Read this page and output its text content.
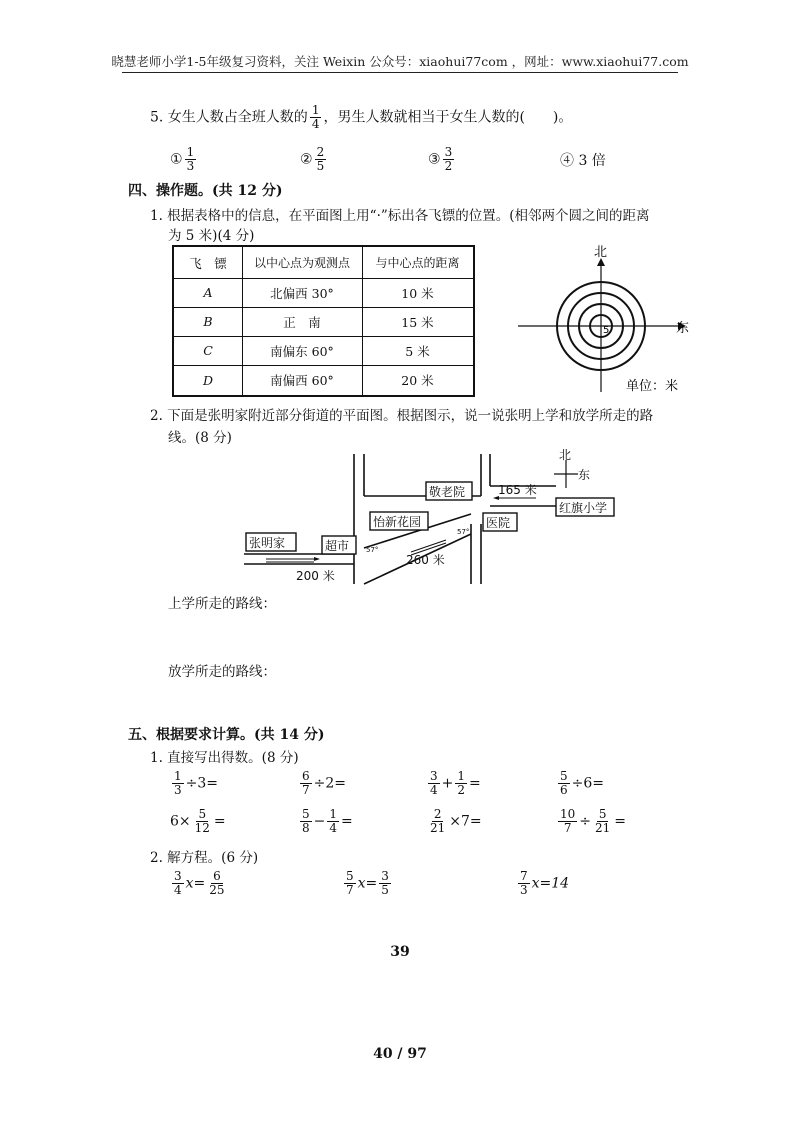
晓慧老师小学1-5年级复习资料，关注 Weixin 公众号：xiaohui77com ，网址：www.xiaohui77.com
5. 女生人数占全班人数的 $\frac{1}{4}$ ，男生人数就相当于女生人数的(　　)。
① $\frac{1}{3}$	② $\frac{2}{5}$	③ $\frac{3}{2}$	④ 3 倍
四、操作题。(共 12 分)
1. 根据表格中的信息，在平面图上用“·”标出各飞镖的位置。(相邻两个圆之间的距离
为 5 米)(4 分)
飞　镖	以中心点为观测点	与中心点的距离
A	北偏西 30°	10 米
B	正　南	15 米
C	南偏东 60°	5 米
D	南偏西 60°	20 米
5
北
东
单位：米
2. 下面是张明家附近部分街道的平面图。根据图示，说一说张明上学和放学所走的路
线。(8 分)
张明家	超市
怡新花园
敬老院
医院
红旗小学
200 米
260 米
165 米
北
东
57°
57°
上学所走的路线：
放学所走的路线：
五、根据要求计算。(共 14 分)
1. 直接写出得数。(8 分)
$\frac{1}{3} \div 3=$	$\frac{6}{7} \div 2=$	$\frac{3}{4} + \frac{1}{2}$ =	$\frac{5}{6} \div 6=$
$6\times \frac{5}{12}$ =	$\frac{5}{8} - \frac{1}{4}$ =	$\frac{2}{21} \times 7=$	$\frac{10}{7} \div \frac{5}{21}$ =
2. 解方程。(6 分)
$\frac{3}{4} x= \frac{6}{25}$	$\frac{5}{7} x= \frac{3}{5}$	$\frac{7}{3} x=14$
39
40 / 97
